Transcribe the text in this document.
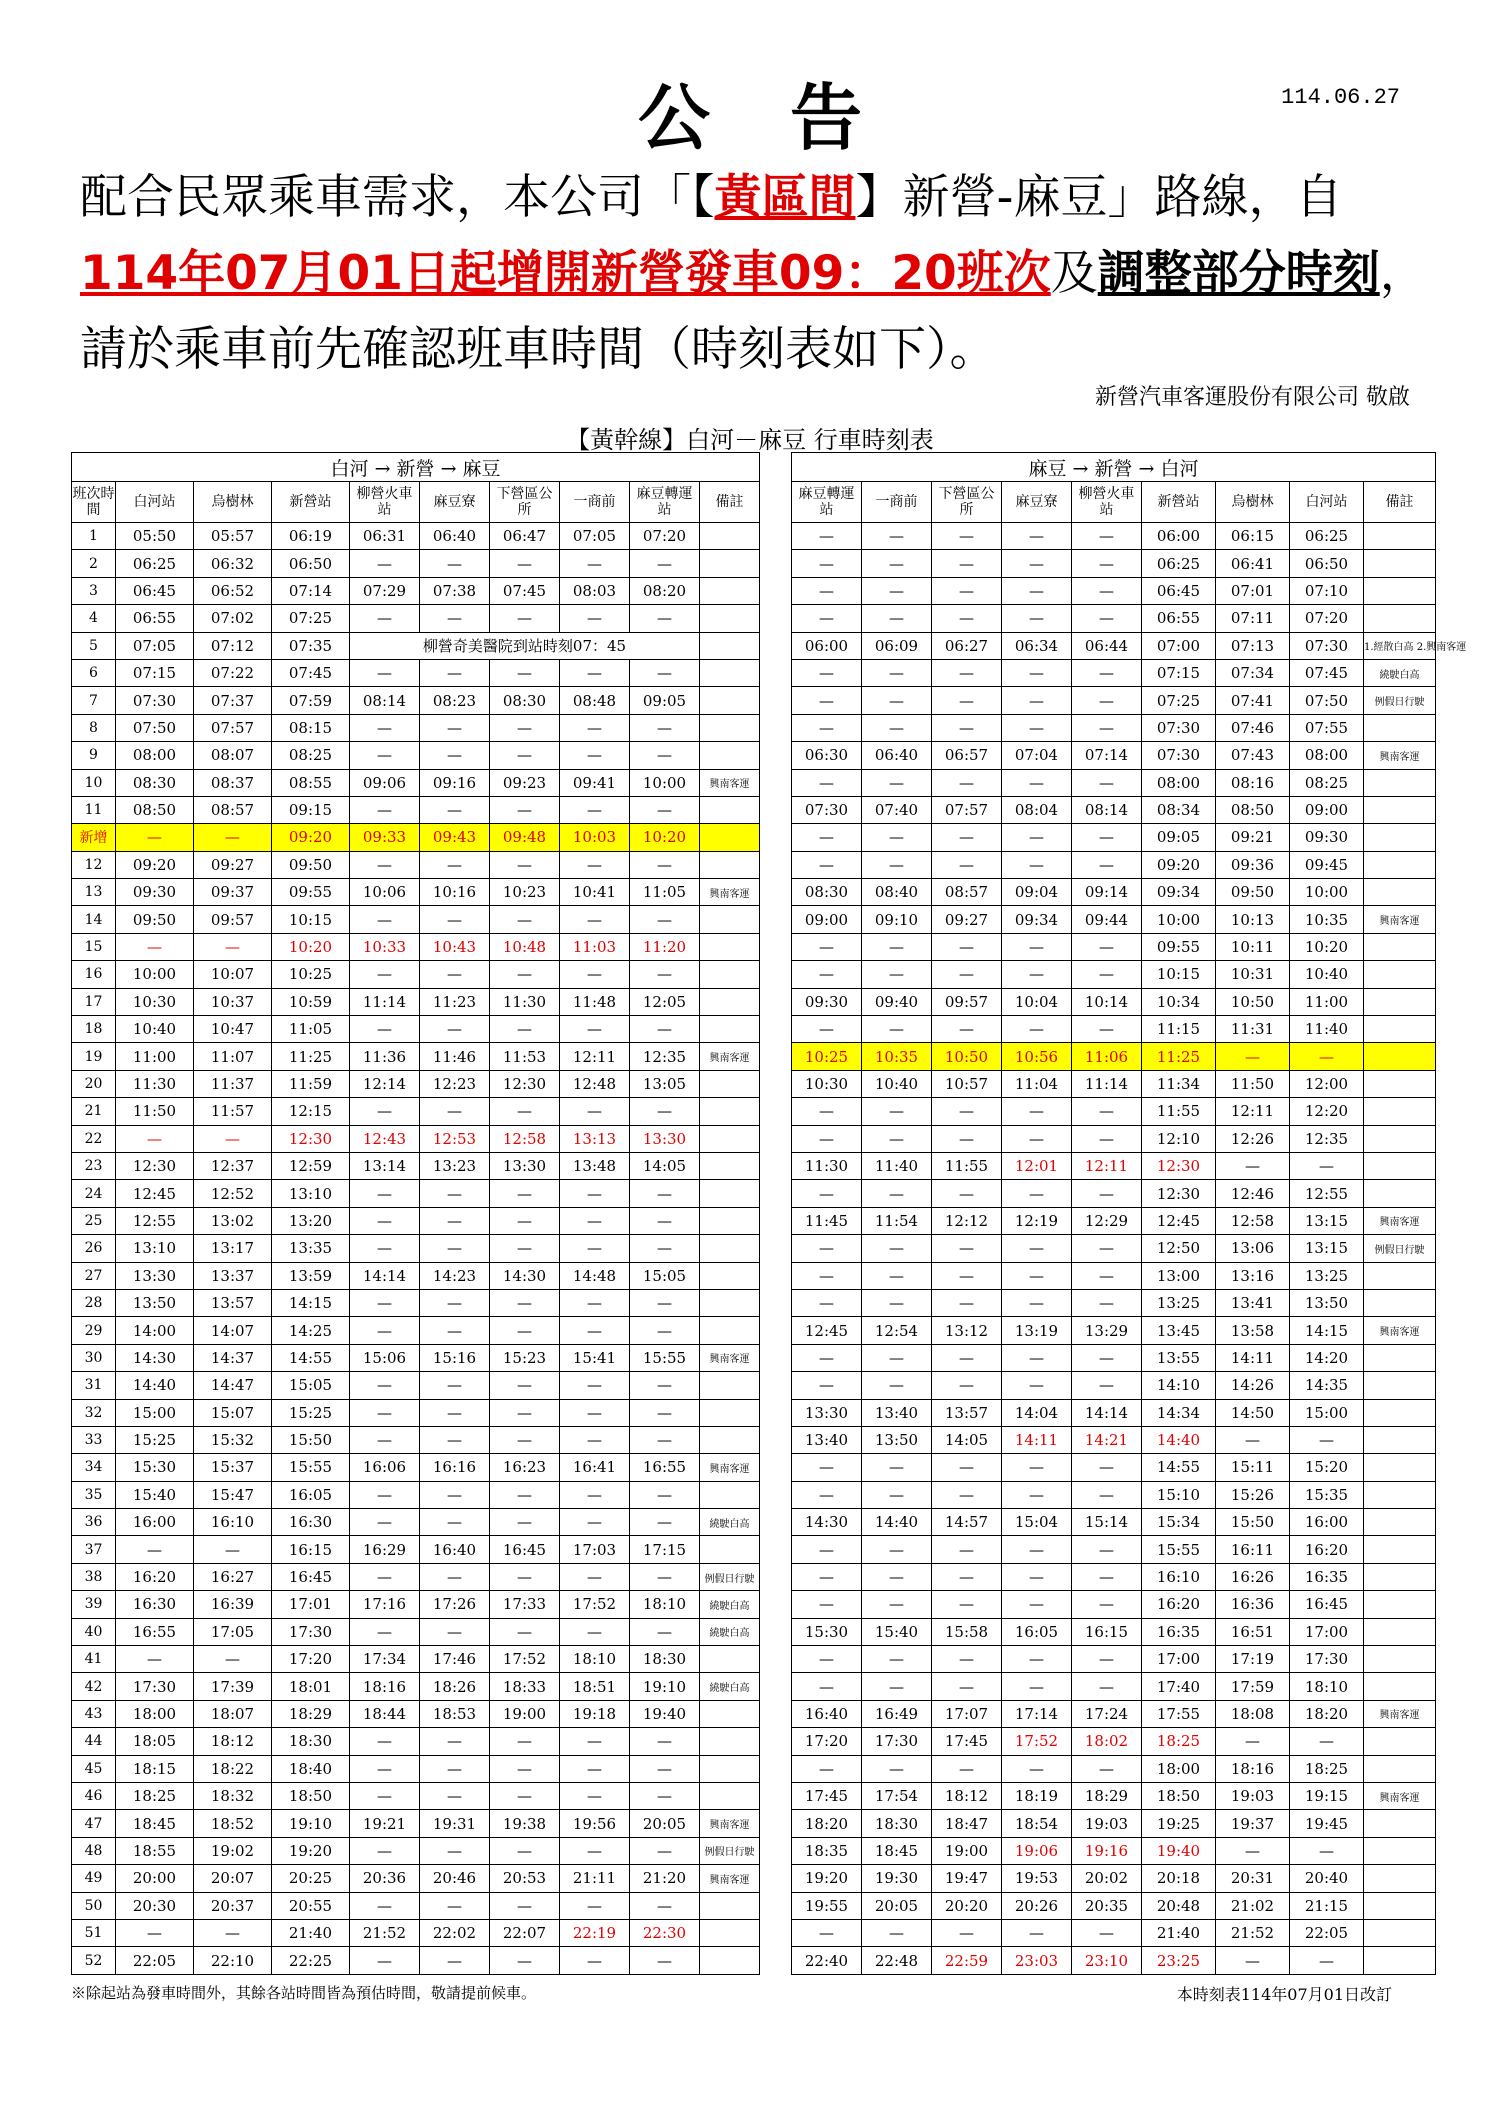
114.06.27
公告
配合民眾乘車需求，本公司「【黃區間】新營-麻豆」路線，自114年07月01日起增開新營發車09：20班次及調整部分時刻，請於乘車前先確認班車時間（時刻表如下）。
新營汽車客運股份有限公司 敬啟
【黃幹線】白河－麻豆 行車時刻表
白河 → 新營 → 麻豆									
班次時間	白河站	烏樹林	新營站	柳營火車站	麻豆寮	下營區公所	一商前	麻豆轉運站	備註
1	05:50	05:57	06:19	06:31	06:40	06:47	07:05	07:20	
2	06:25	06:32	06:50	—	—	—	—	—	
3	06:45	06:52	07:14	07:29	07:38	07:45	08:03	08:20	
4	06:55	07:02	07:25	—	—	—	—	—	
5	07:05	07:12	07:35	柳營奇美醫院到站時刻07：45					
6	07:15	07:22	07:45	—	—	—	—	—	
7	07:30	07:37	07:59	08:14	08:23	08:30	08:48	09:05	
8	07:50	07:57	08:15	—	—	—	—	—	
9	08:00	08:07	08:25	—	—	—	—	—	
10	08:30	08:37	08:55	09:06	09:16	09:23	09:41	10:00	興南客運
11	08:50	08:57	09:15	—	—	—	—	—	
新增	—	—	09:20	09:33	09:43	09:48	10:03	10:20	
12	09:20	09:27	09:50	—	—	—	—	—	
13	09:30	09:37	09:55	10:06	10:16	10:23	10:41	11:05	興南客運
14	09:50	09:57	10:15	—	—	—	—	—	
15	—	—	10:20	10:33	10:43	10:48	11:03	11:20	
16	10:00	10:07	10:25	—	—	—	—	—	
17	10:30	10:37	10:59	11:14	11:23	11:30	11:48	12:05	
18	10:40	10:47	11:05	—	—	—	—	—	
19	11:00	11:07	11:25	11:36	11:46	11:53	12:11	12:35	興南客運
20	11:30	11:37	11:59	12:14	12:23	12:30	12:48	13:05	
21	11:50	11:57	12:15	—	—	—	—	—	
22	—	—	12:30	12:43	12:53	12:58	13:13	13:30	
23	12:30	12:37	12:59	13:14	13:23	13:30	13:48	14:05	
24	12:45	12:52	13:10	—	—	—	—	—	
25	12:55	13:02	13:20	—	—	—	—	—	
26	13:10	13:17	13:35	—	—	—	—	—	
27	13:30	13:37	13:59	14:14	14:23	14:30	14:48	15:05	
28	13:50	13:57	14:15	—	—	—	—	—	
29	14:00	14:07	14:25	—	—	—	—	—	
30	14:30	14:37	14:55	15:06	15:16	15:23	15:41	15:55	興南客運
31	14:40	14:47	15:05	—	—	—	—	—	
32	15:00	15:07	15:25	—	—	—	—	—	
33	15:25	15:32	15:50	—	—	—	—	—	
34	15:30	15:37	15:55	16:06	16:16	16:23	16:41	16:55	興南客運
35	15:40	15:47	16:05	—	—	—	—	—	
36	16:00	16:10	16:30	—	—	—	—	—	繞駛白高
37	—	—	16:15	16:29	16:40	16:45	17:03	17:15	
38	16:20	16:27	16:45	—	—	—	—	—	例假日行駛
39	16:30	16:39	17:01	17:16	17:26	17:33	17:52	18:10	繞駛白高
40	16:55	17:05	17:30	—	—	—	—	—	繞駛白高
41	—	—	17:20	17:34	17:46	17:52	18:10	18:30	
42	17:30	17:39	18:01	18:16	18:26	18:33	18:51	19:10	繞駛白高
43	18:00	18:07	18:29	18:44	18:53	19:00	19:18	19:40	
44	18:05	18:12	18:30	—	—	—	—	—	
45	18:15	18:22	18:40	—	—	—	—	—	
46	18:25	18:32	18:50	—	—	—	—	—	
47	18:45	18:52	19:10	19:21	19:31	19:38	19:56	20:05	興南客運
48	18:55	19:02	19:20	—	—	—	—	—	例假日行駛
49	20:00	20:07	20:25	20:36	20:46	20:53	21:11	21:20	興南客運
50	20:30	20:37	20:55	—	—	—	—	—	
51	—	—	21:40	21:52	22:02	22:07	22:19	22:30	
52	22:05	22:10	22:25	—	—	—	—	—	
麻豆 → 新營 → 白河								
麻豆轉運站	一商前	下營區公所	麻豆寮	柳營火車站	新營站	烏樹林	白河站	備註
—	—	—	—	—	06:00	06:15	06:25	
—	—	—	—	—	06:25	06:41	06:50	
—	—	—	—	—	06:45	07:01	07:10	
—	—	—	—	—	06:55	07:11	07:20	
06:00	06:09	06:27	06:34	06:44	07:00	07:13	07:30	1.經散白高 2.興南客運
—	—	—	—	—	07:15	07:34	07:45	繞駛白高
—	—	—	—	—	07:25	07:41	07:50	例假日行駛
—	—	—	—	—	07:30	07:46	07:55	
06:30	06:40	06:57	07:04	07:14	07:30	07:43	08:00	興南客運
—	—	—	—	—	08:00	08:16	08:25	
07:30	07:40	07:57	08:04	08:14	08:34	08:50	09:00	
—	—	—	—	—	09:05	09:21	09:30	
—	—	—	—	—	09:20	09:36	09:45	
08:30	08:40	08:57	09:04	09:14	09:34	09:50	10:00	
09:00	09:10	09:27	09:34	09:44	10:00	10:13	10:35	興南客運
—	—	—	—	—	09:55	10:11	10:20	
—	—	—	—	—	10:15	10:31	10:40	
09:30	09:40	09:57	10:04	10:14	10:34	10:50	11:00	
—	—	—	—	—	11:15	11:31	11:40	
10:25	10:35	10:50	10:56	11:06	11:25	—	—	
10:30	10:40	10:57	11:04	11:14	11:34	11:50	12:00	
—	—	—	—	—	11:55	12:11	12:20	
—	—	—	—	—	12:10	12:26	12:35	
11:30	11:40	11:55	12:01	12:11	12:30	—	—	
—	—	—	—	—	12:30	12:46	12:55	
11:45	11:54	12:12	12:19	12:29	12:45	12:58	13:15	興南客運
—	—	—	—	—	12:50	13:06	13:15	例假日行駛
—	—	—	—	—	13:00	13:16	13:25	
—	—	—	—	—	13:25	13:41	13:50	
12:45	12:54	13:12	13:19	13:29	13:45	13:58	14:15	興南客運
—	—	—	—	—	13:55	14:11	14:20	
—	—	—	—	—	14:10	14:26	14:35	
13:30	13:40	13:57	14:04	14:14	14:34	14:50	15:00	
13:40	13:50	14:05	14:11	14:21	14:40	—	—	
—	—	—	—	—	14:55	15:11	15:20	
—	—	—	—	—	15:10	15:26	15:35	
14:30	14:40	14:57	15:04	15:14	15:34	15:50	16:00	
—	—	—	—	—	15:55	16:11	16:20	
—	—	—	—	—	16:10	16:26	16:35	
—	—	—	—	—	16:20	16:36	16:45	
15:30	15:40	15:58	16:05	16:15	16:35	16:51	17:00	
—	—	—	—	—	17:00	17:19	17:30	
—	—	—	—	—	17:40	17:59	18:10	
16:40	16:49	17:07	17:14	17:24	17:55	18:08	18:20	興南客運
17:20	17:30	17:45	17:52	18:02	18:25	—	—	
—	—	—	—	—	18:00	18:16	18:25	
17:45	17:54	18:12	18:19	18:29	18:50	19:03	19:15	興南客運
18:20	18:30	18:47	18:54	19:03	19:25	19:37	19:45	
18:35	18:45	19:00	19:06	19:16	19:40	—	—	
19:20	19:30	19:47	19:53	20:02	20:18	20:31	20:40	
19:55	20:05	20:20	20:26	20:35	20:48	21:02	21:15	
—	—	—	—	—	21:40	21:52	22:05	
22:40	22:48	22:59	23:03	23:10	23:25	—	—	
※除起站為發車時間外，其餘各站時間皆為預估時間，敬請提前候車。	本時刻表114年07月01日改訂
